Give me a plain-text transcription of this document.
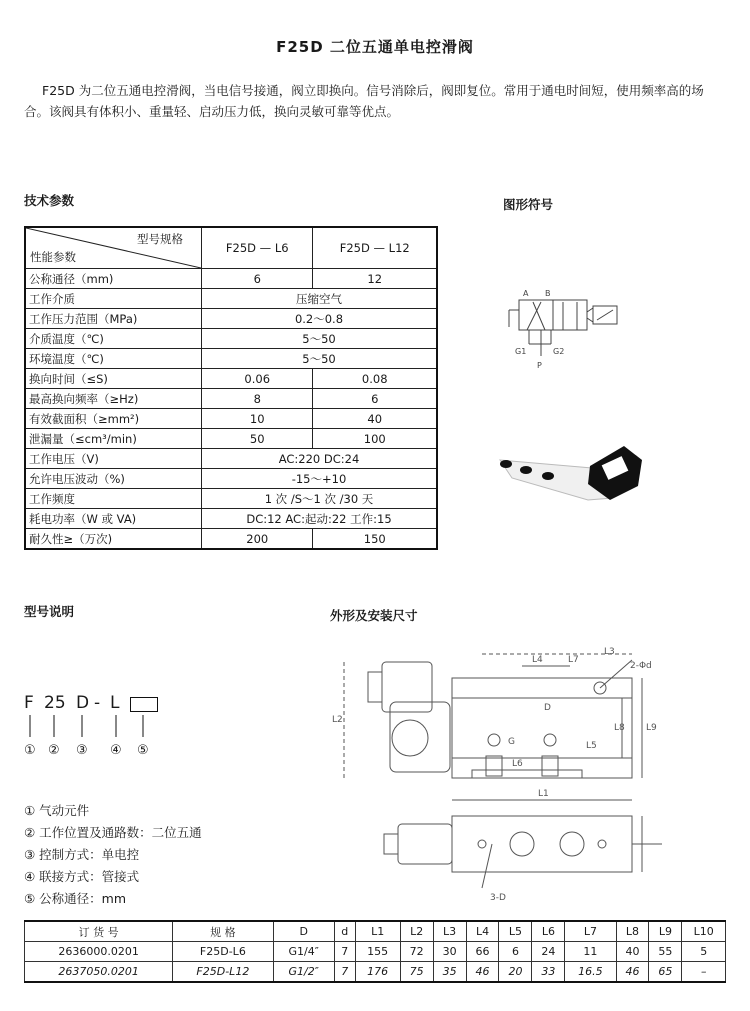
F25D 二位五通单电控滑阀
F25D 为二位五通电控滑阀，当电信号接通，阀立即换向。信号消除后，阀即复位。常用于通电时间短，使用频率高的场合。该阀具有体积小、重量轻、启动压力低，换向灵敏可靠等优点。
技术参数	图形符号
型号规格
性能参数	F25D — L6	F25D — L12
公称通径（mm)	6	12
工作介质	压缩空气	
工作压力范围（MPa)	0.2～0.8	
介质温度（℃)	5～50	
环境温度（℃)	5～50	
换向时间（≤S)	0.06	0.08
最高换向频率（≥Hz)	8	6
有效截面积（≥mm²)	10	40
泄漏量（≤cm³/min)	50	100
工作电压（V)	AC:220 DC:24	
允许电压波动（%)	-15～+10	
工作频度	1 次 /S～1 次 /30 天	
耗电功率（W 或 VA)	DC:12 AC:起动:22 工作:15	
耐久性≥（万次)	200	150
A B
G1	G2
P
型号说明	外形及安装尺寸
F 25 D - L
① ② ③ ④ ⑤
① 气动元件
② 工作位置及通路数：二位五通
③ 控制方式：单电控
④ 联接方式：管接式
⑤ 公称通径：mm
L4	L7
L3
2-Φd
L2
L9
L8
D
G
L1
L5
L6
3-D
订 货 号	规 格	D	d	L1	L2	L3	L4	L5	L6	L7	L8	L9	L10
2636000.0201	F25D-L6	G1/4″	7	155	72	30	66	6	24	11	40	55	5
2637050.0201	F25D-L12	G1/2″	7	176	75	35	46	20	33	16.5	46	65	–
